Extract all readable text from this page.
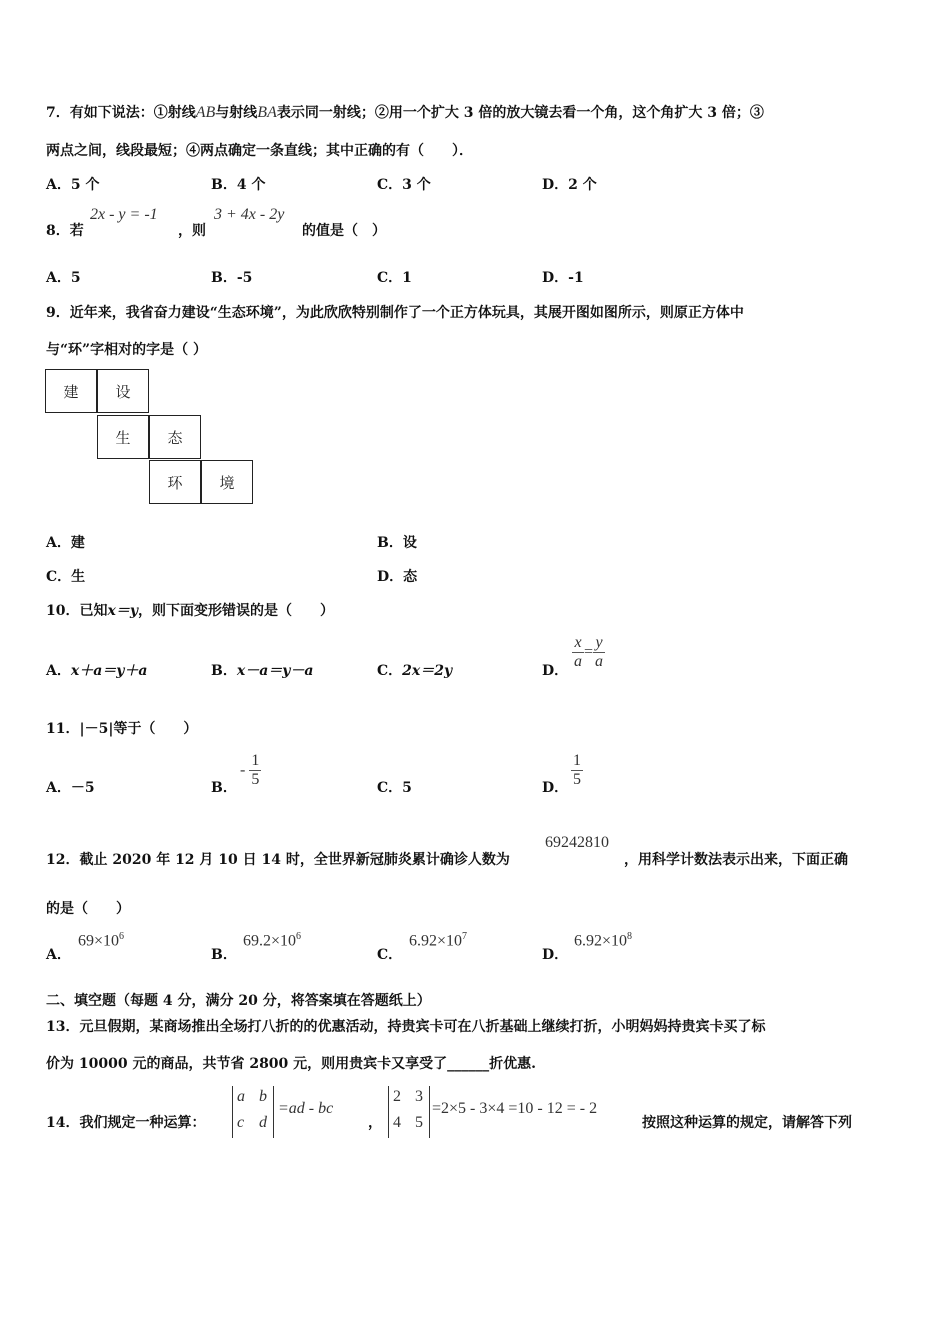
7．有如下说法：①射线AB与射线BA表示同一射线；②用一个扩大 3 倍的放大镜去看一个角，这个角扩大 3 倍；③
两点之间，线段最短；④两点确定一条直线；其中正确的有（　　）．
A．5 个	B．4 个	C．3 个	D．2 个
8．若
2x - y = -1
，则
3 + 4x - 2y
的值是（　）
A．5	B．-5	C．1	D．-1
9．近年来，我省奋力建设“生态环境”，为此欣欣特别制作了一个正方体玩具，其展开图如图所示，则原正方体中
与“环”字相对的字是（ ）
建	设
生	态
环	境
A．建	B．设
C．生	D．态
10．已知x＝y，则下面变形错误的是（　　）
A．x＋a＝y＋a	B．x－a＝y－a	C．2x＝2y	D． $\frac{x}{a} = \frac{y}{a}$
11．|－5|等于（　　）
A．－5	B．
- $\frac{1}{5}$	C．5	D． $\frac{1}{5}$
12．截止 2020 年 12 月 10 日 14 时，全世界新冠肺炎累计确诊人数为
69242810
，用科学计数法表示出来，下面正确
的是（　　）
A．
$69\times 10^6$
B．
$69.2\times 10^6$
C．
$6.92\times 10^7$
D．
$6.92\times 10^8$
二、填空题（每题 4 分，满分 20 分，将答案填在答题纸上）
13．元旦假期，某商场推出全场打八折的的优惠活动，持贵宾卡可在八折基础上继续打折，小明妈妈持贵宾卡买了标
价为 10000 元的商品，共节省 2800 元，则用贵宾卡又享受了______折优惠.
14．我们规定一种运算：
a b
c d
=ad - bc
，
2 3
4 5
=2×5 - 3×4 =10 - 12 = - 2
按照这种运算的规定，请解答下列
